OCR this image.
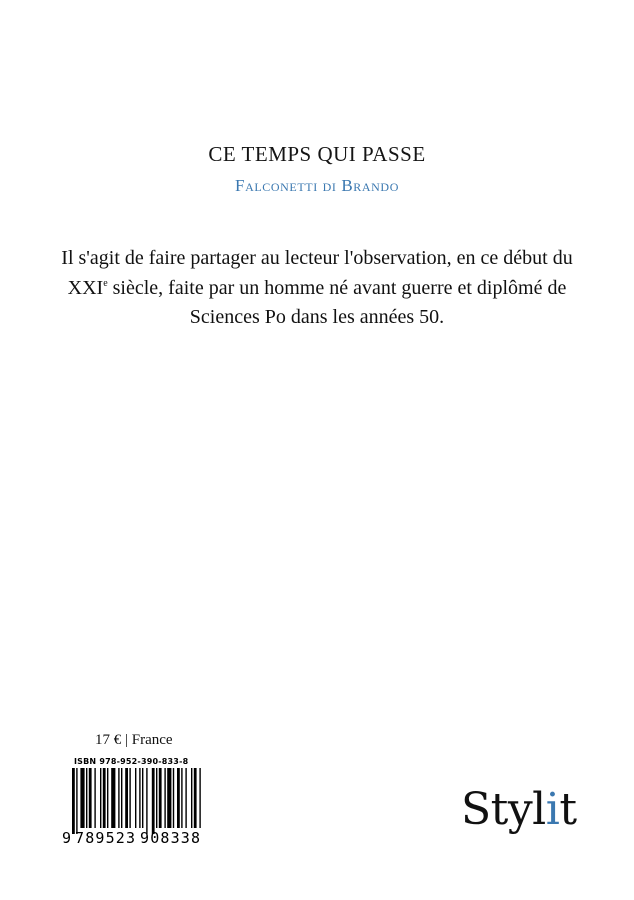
CE TEMPS QUI PASSE
Falconetti di Brando
Il s'agit de faire partager au lecteur l'observation, en ce début du XXIe siècle, faite par un homme né avant guerre et diplômé de Sciences Po dans les années 50.
17 € | France
ISBN 978-952-390-833-8
9 789523 908338
Stylit
